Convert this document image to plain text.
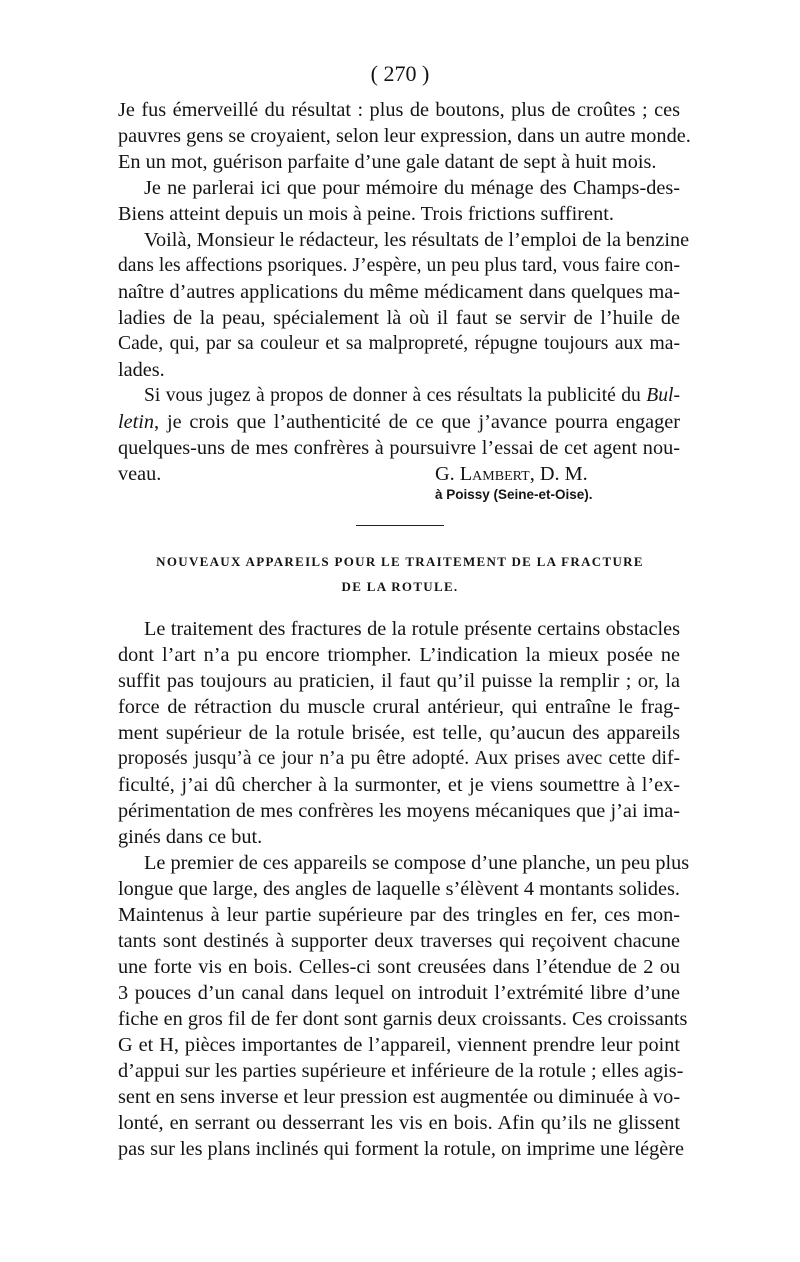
( 270 )
Je fus émerveillé du résultat : plus de boutons, plus de croûtes ; ces
pauvres gens se croyaient, selon leur expression, dans un autre monde.
En un mot, guérison parfaite d’une gale datant de sept à huit mois.
Je ne parlerai ici que pour mémoire du ménage des Champs-des-
Biens atteint depuis un mois à peine. Trois frictions suffirent.
Voilà, Monsieur le rédacteur, les résultats de l’emploi de la benzine
dans les affections psoriques. J’espère, un peu plus tard, vous faire con-
naître d’autres applications du même médicament dans quelques ma-
ladies de la peau, spécialement là où il faut se servir de l’huile de
Cade, qui, par sa couleur et sa malpropreté, répugne toujours aux ma-
lades.
Si vous jugez à propos de donner à ces résultats la publicité du Bul-
letin, je crois que l’authenticité de ce que j’avance pourra engager
quelques-uns de mes confrères à poursuivre l’essai de cet agent nou-
veau.	G. Lambert, D. M.
à Poissy (Seine-et-Oise).
NOUVEAUX APPAREILS POUR LE TRAITEMENT DE LA FRACTURE
DE LA ROTULE.
Le traitement des fractures de la rotule présente certains obstacles
dont l’art n’a pu encore triompher. L’indication la mieux posée ne
suffit pas toujours au praticien, il faut qu’il puisse la remplir ; or, la
force de rétraction du muscle crural antérieur, qui entraîne le frag-
ment supérieur de la rotule brisée, est telle, qu’aucun des appareils
proposés jusqu’à ce jour n’a pu être adopté. Aux prises avec cette dif-
ficulté, j’ai dû chercher à la surmonter, et je viens soumettre à l’ex-
périmentation de mes confrères les moyens mécaniques que j’ai ima-
ginés dans ce but.
Le premier de ces appareils se compose d’une planche, un peu plus
longue que large, des angles de laquelle s’élèvent 4 montants solides.
Maintenus à leur partie supérieure par des tringles en fer, ces mon-
tants sont destinés à supporter deux traverses qui reçoivent chacune
une forte vis en bois. Celles-ci sont creusées dans l’étendue de 2 ou
3 pouces d’un canal dans lequel on introduit l’extrémité libre d’une
fiche en gros fil de fer dont sont garnis deux croissants. Ces croissants
G et H, pièces importantes de l’appareil, viennent prendre leur point
d’appui sur les parties supérieure et inférieure de la rotule ; elles agis-
sent en sens inverse et leur pression est augmentée ou diminuée à vo-
lonté, en serrant ou desserrant les vis en bois. Afin qu’ils ne glissent
pas sur les plans inclinés qui forment la rotule, on imprime une légère
